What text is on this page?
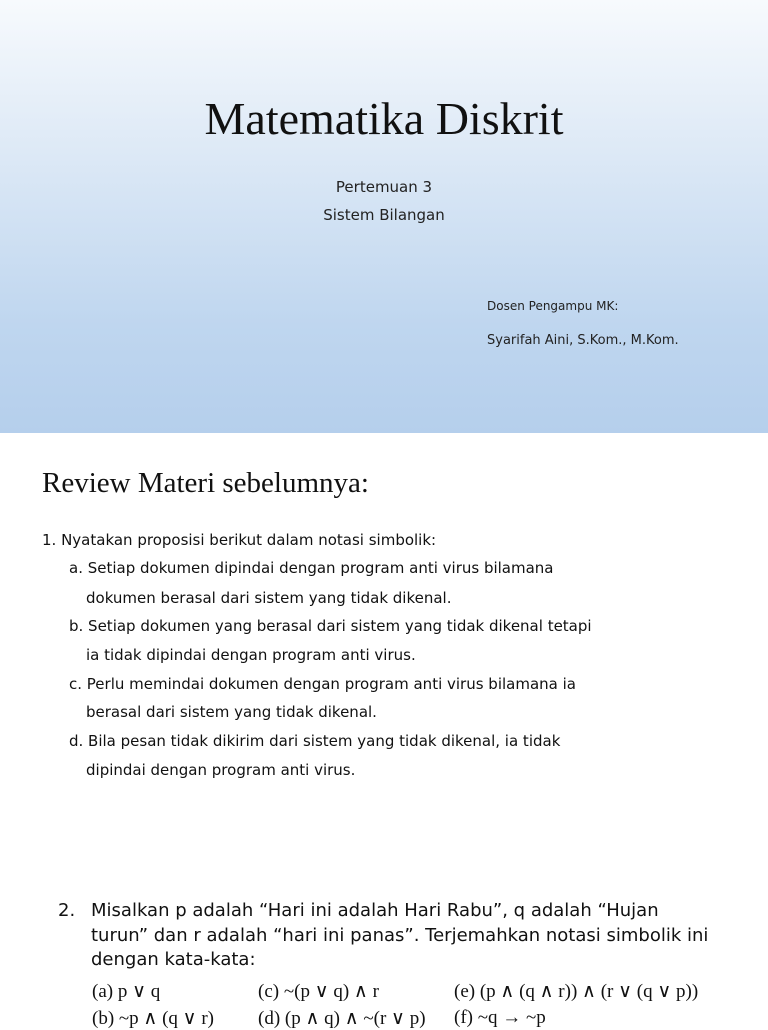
Matematika Diskrit
Pertemuan 3
Sistem Bilangan
Dosen Pengampu MK:
Syarifah Aini, S.Kom., M.Kom.
Review Materi sebelumnya:
1. Nyatakan proposisi berikut dalam notasi simbolik:
a. Setiap dokumen dipindai dengan program anti virus bilamana
dokumen berasal dari sistem yang tidak dikenal.
b. Setiap dokumen yang berasal dari sistem yang tidak dikenal tetapi
ia tidak dipindai dengan program anti virus.
c. Perlu memindai dokumen dengan program anti virus bilamana ia
berasal dari sistem yang tidak dikenal.
d. Bila pesan tidak dikirim dari sistem yang tidak dikenal, ia tidak
dipindai dengan program anti virus.
2. Misalkan p adalah “Hari ini adalah Hari Rabu”, q adalah “Hujan
turun” dan r adalah “hari ini panas”. Terjemahkan notasi simbolik ini
dengan kata-kata:
(a) p ∨ q	(c) ~(p ∨ q) ∧ r	(e) (p ∧ (q ∧ r)) ∧ (r ∨ (q ∨ p))
(b) ~p ∧ (q ∨ r) (d) (p ∧ q) ∧ ~(r ∨ p) (f) ~q → ~p
